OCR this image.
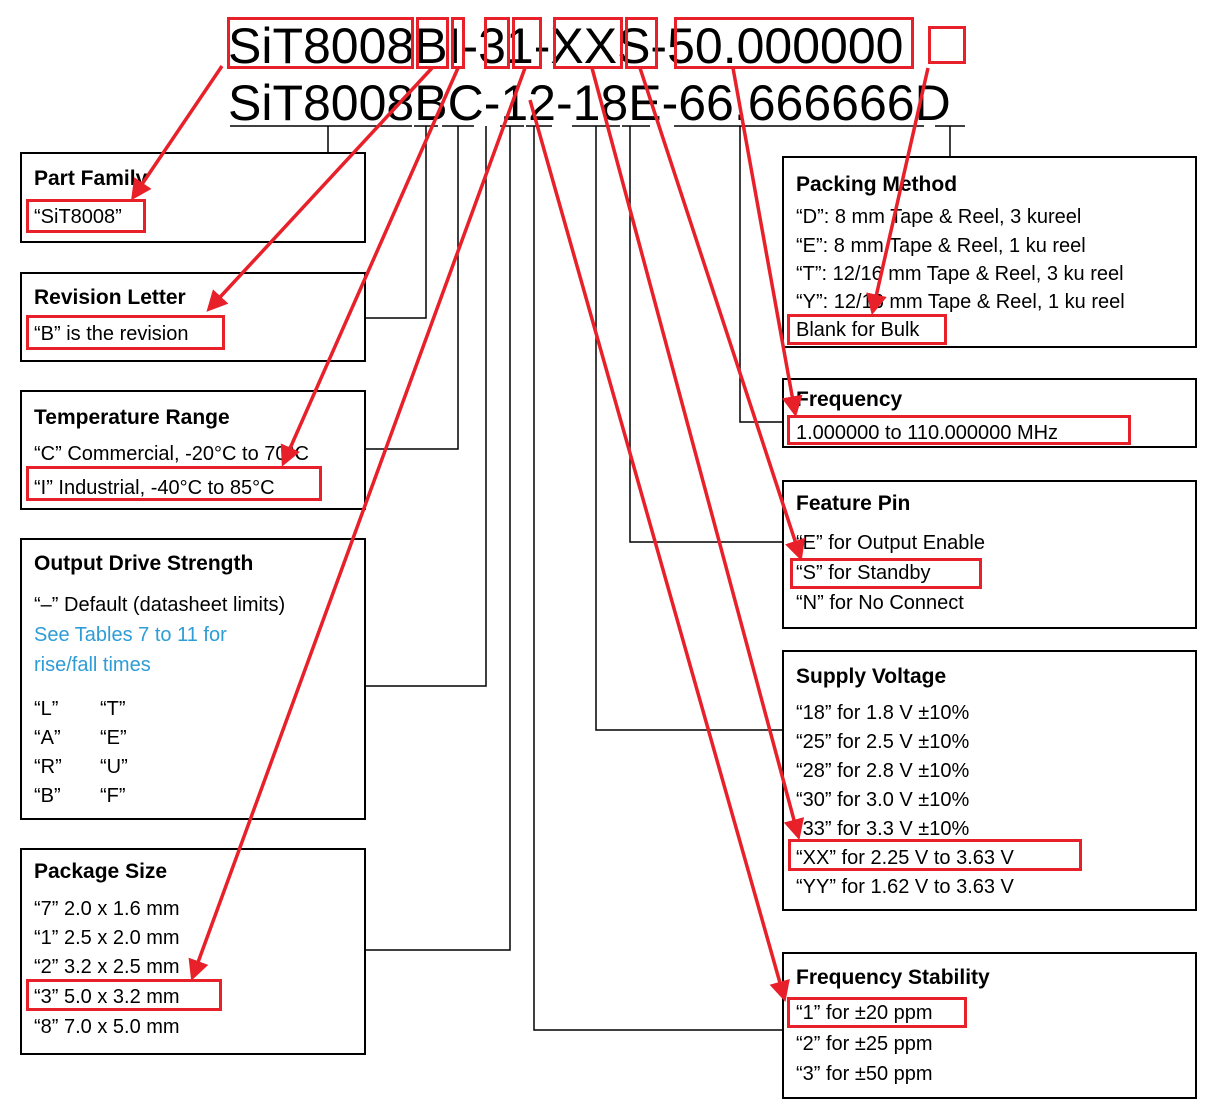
SiT8008BI-31-XXS-50.000000
SiT8008BC-12-18E-66.666666D
Part Family
“SiT8008”
Revision Letter
“B” is the revision
Temperature Range
“C” Commercial, -20°C to 70°C
“I” Industrial, -40°C to 85°C
Output Drive Strength
“–” Default (datasheet limits)
See Tables 7 to 11 for
rise/fall times
“L” “T”
“A” “E”
“R” “U”
“B” “F”
Package Size
“7” 2.0 x 1.6 mm
“1” 2.5 x 2.0 mm
“2” 3.2 x 2.5 mm
“3” 5.0 x 3.2 mm
“8” 7.0 x 5.0 mm
Packing Method
“D”: 8 mm Tape & Reel, 3 kureel
“E”: 8 mm Tape & Reel, 1 ku reel
“T”: 12/16 mm Tape & Reel, 3 ku reel
“Y”: 12/16 mm Tape & Reel, 1 ku reel
Blank for Bulk
Frequency
1.000000 to 110.000000 MHz
Feature Pin
“E” for Output Enable
“S” for Standby
“N” for No Connect
Supply Voltage
“18” for 1.8 V ±10%
“25” for 2.5 V ±10%
“28” for 2.8 V ±10%
“30” for 3.0 V ±10%
“33” for 3.3 V ±10%
“XX” for 2.25 V to 3.63 V
“YY” for 1.62 V to 3.63 V
Frequency Stability
“1” for ±20 ppm
“2” for ±25 ppm
“3” for ±50 ppm
